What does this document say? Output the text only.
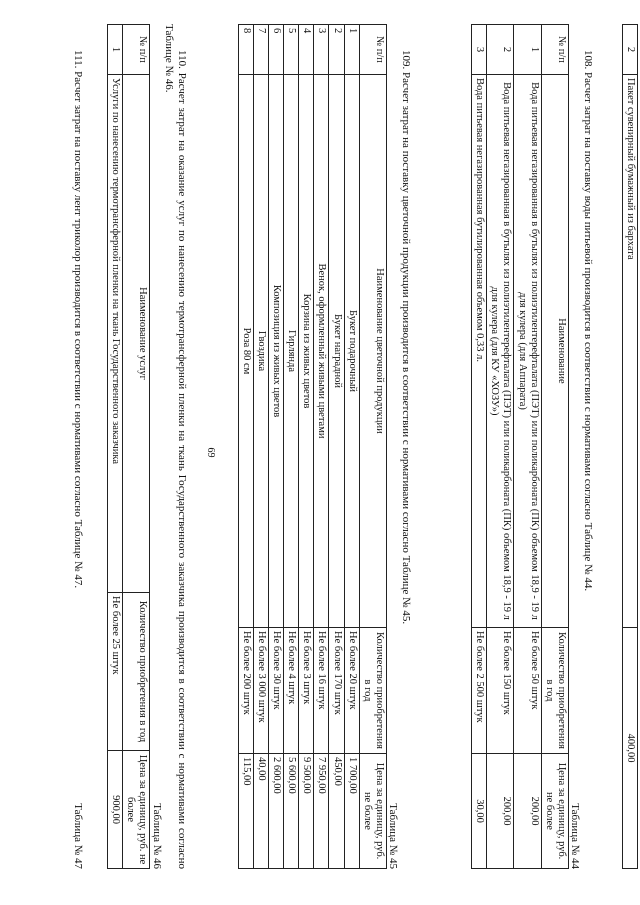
2	Пакет сувенирный бумажный из бархата	400,00
69	108. Расчет затрат на поставку воды питьевой производится в соответствии с нормативами согласно Таблице № 44.
Таблица № 44
№ п/п	Наименование	Количество приобретения в год	Цена за единицу, руб. не более
1	Вода питьевая негазированная в бутылях из полиэтилентерефталата (ПЭТ) или поликарбоната (ПК) объемом 18,9 - 19 л для кулера (для Аппарата)	Не более 50 штук	200,00
2	Вода питьевая негазированная в бутылях из полиэтилентерефталата (ПЭТ) или поликарбоната (ПК) объемом 18,9 - 19 л для кулера (для КУ «ХОЗУ»)	Не более 150 штук	200,00
3	Вода питьевая негазированная бутилированная объемом 0,33 л.	Не более 2 500 штук	30,00
109. Расчет затрат на поставку цветочной продукции производится в соответствии с нормативами согласно Таблице № 45.
Таблица № 45
№ п/п	Наименование цветочной продукции	Количество приобретения в год	Цена за единицу, руб. не более
1	Букет подарочный	Не более 20 штук	1 700,00
2	Букет наградной	Не более 170 штук	450,00
3	Венок, оформленный живыми цветами	Не более 16 штук	7 950,00
4	Корзина из живых цветов	Не более 3 штук	9 500,00
5	Гирлянда	Не более 4 штук	5 600,00
6	Композиция из живых цветов	Не более 30 штук	2 600,00
7	Гвоздика	Не более 3 000 штук	40,00
8	Роза 80 см	Не более 200 штук	115,00
110. Расчет затрат на оказание услуг по нанесению термотрансферной пленки на ткань Государственного заказчика производится в соответствии с нормативами согласно Таблице № 46.
Таблица № 46
№ п/п	Наименование услуг	Количество приобретения в год	Цена за единицу, руб. не более
1	Услуги по нанесению термотрансферной пленки на ткань Государственного заказчика	Не более 25 штук	900,00
111. Расчет затрат на поставку лент триколор производится в соответствии с нормативами согласно Таблице № 47.
Таблица № 47
